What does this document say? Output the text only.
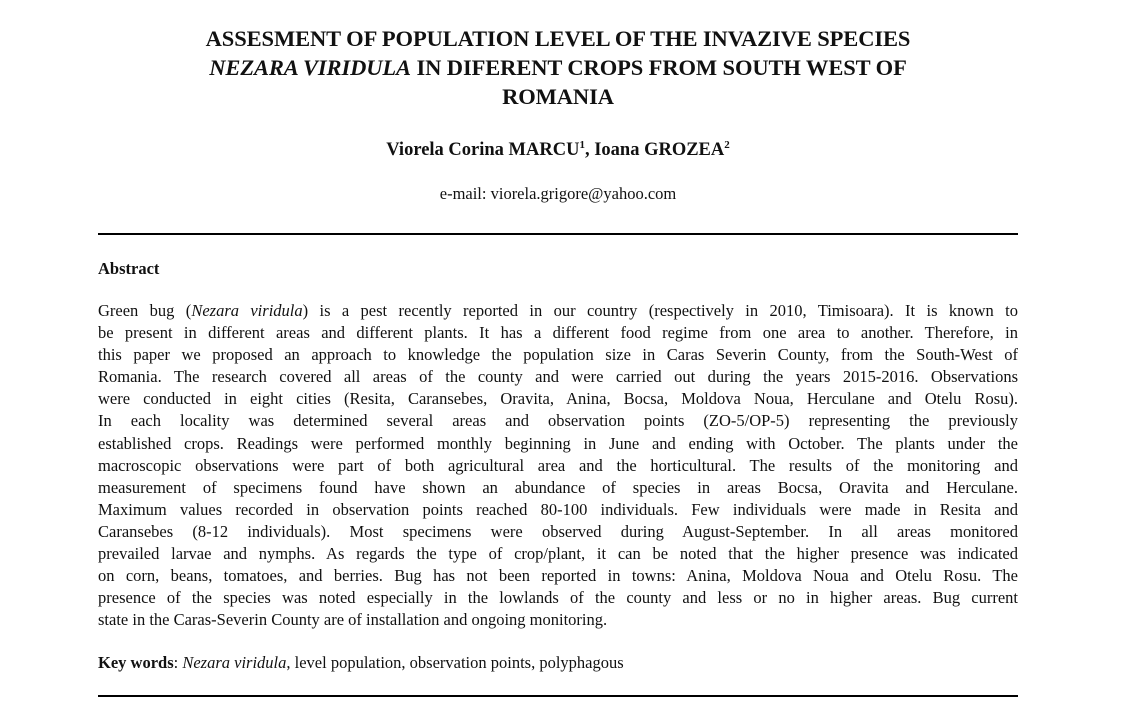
ASSESMENT OF POPULATION LEVEL OF THE INVAZIVE SPECIES
NEZARA VIRIDULA IN DIFERENT CROPS FROM SOUTH WEST OF
ROMANIA
Viorela Corina MARCU$^1$, Ioana GROZEA$^2$
e-mail: viorela.grigore@yahoo.com
Abstract
Green bug (Nezara viridula) is a pest recently reported in our country (respectively in 2010, Timisoara). It is known to
be present in different areas and different plants. It has a different food regime from one area to another. Therefore, in
this paper we proposed an approach to knowledge the population size in Caras Severin County, from the South-West of
Romania. The research covered all areas of the county and were carried out during the years 2015-2016. Observations
were conducted in eight cities (Resita, Caransebes, Oravita, Anina, Bocsa, Moldova Noua, Herculane and Otelu Rosu).
In each locality was determined several areas and observation points (ZO-5/OP-5) representing the previously
established crops. Readings were performed monthly beginning in June and ending with October. The plants under the
macroscopic observations were part of both agricultural area and the horticultural. The results of the monitoring and
measurement of specimens found have shown an abundance of species in areas Bocsa, Oravita and Herculane.
Maximum values recorded in observation points reached 80-100 individuals. Few individuals were made in Resita and
Caransebes (8-12 individuals). Most specimens were observed during August-September. In all areas monitored
prevailed larvae and nymphs. As regards the type of crop/plant, it can be noted that the higher presence was indicated
on corn, beans, tomatoes, and berries. Bug has not been reported in towns: Anina, Moldova Noua and Otelu Rosu. The
presence of the species was noted especially in the lowlands of the county and less or no in higher areas. Bug current
state in the Caras-Severin County are of installation and ongoing monitoring.
Key words: Nezara viridula, level population, observation points, polyphagous
